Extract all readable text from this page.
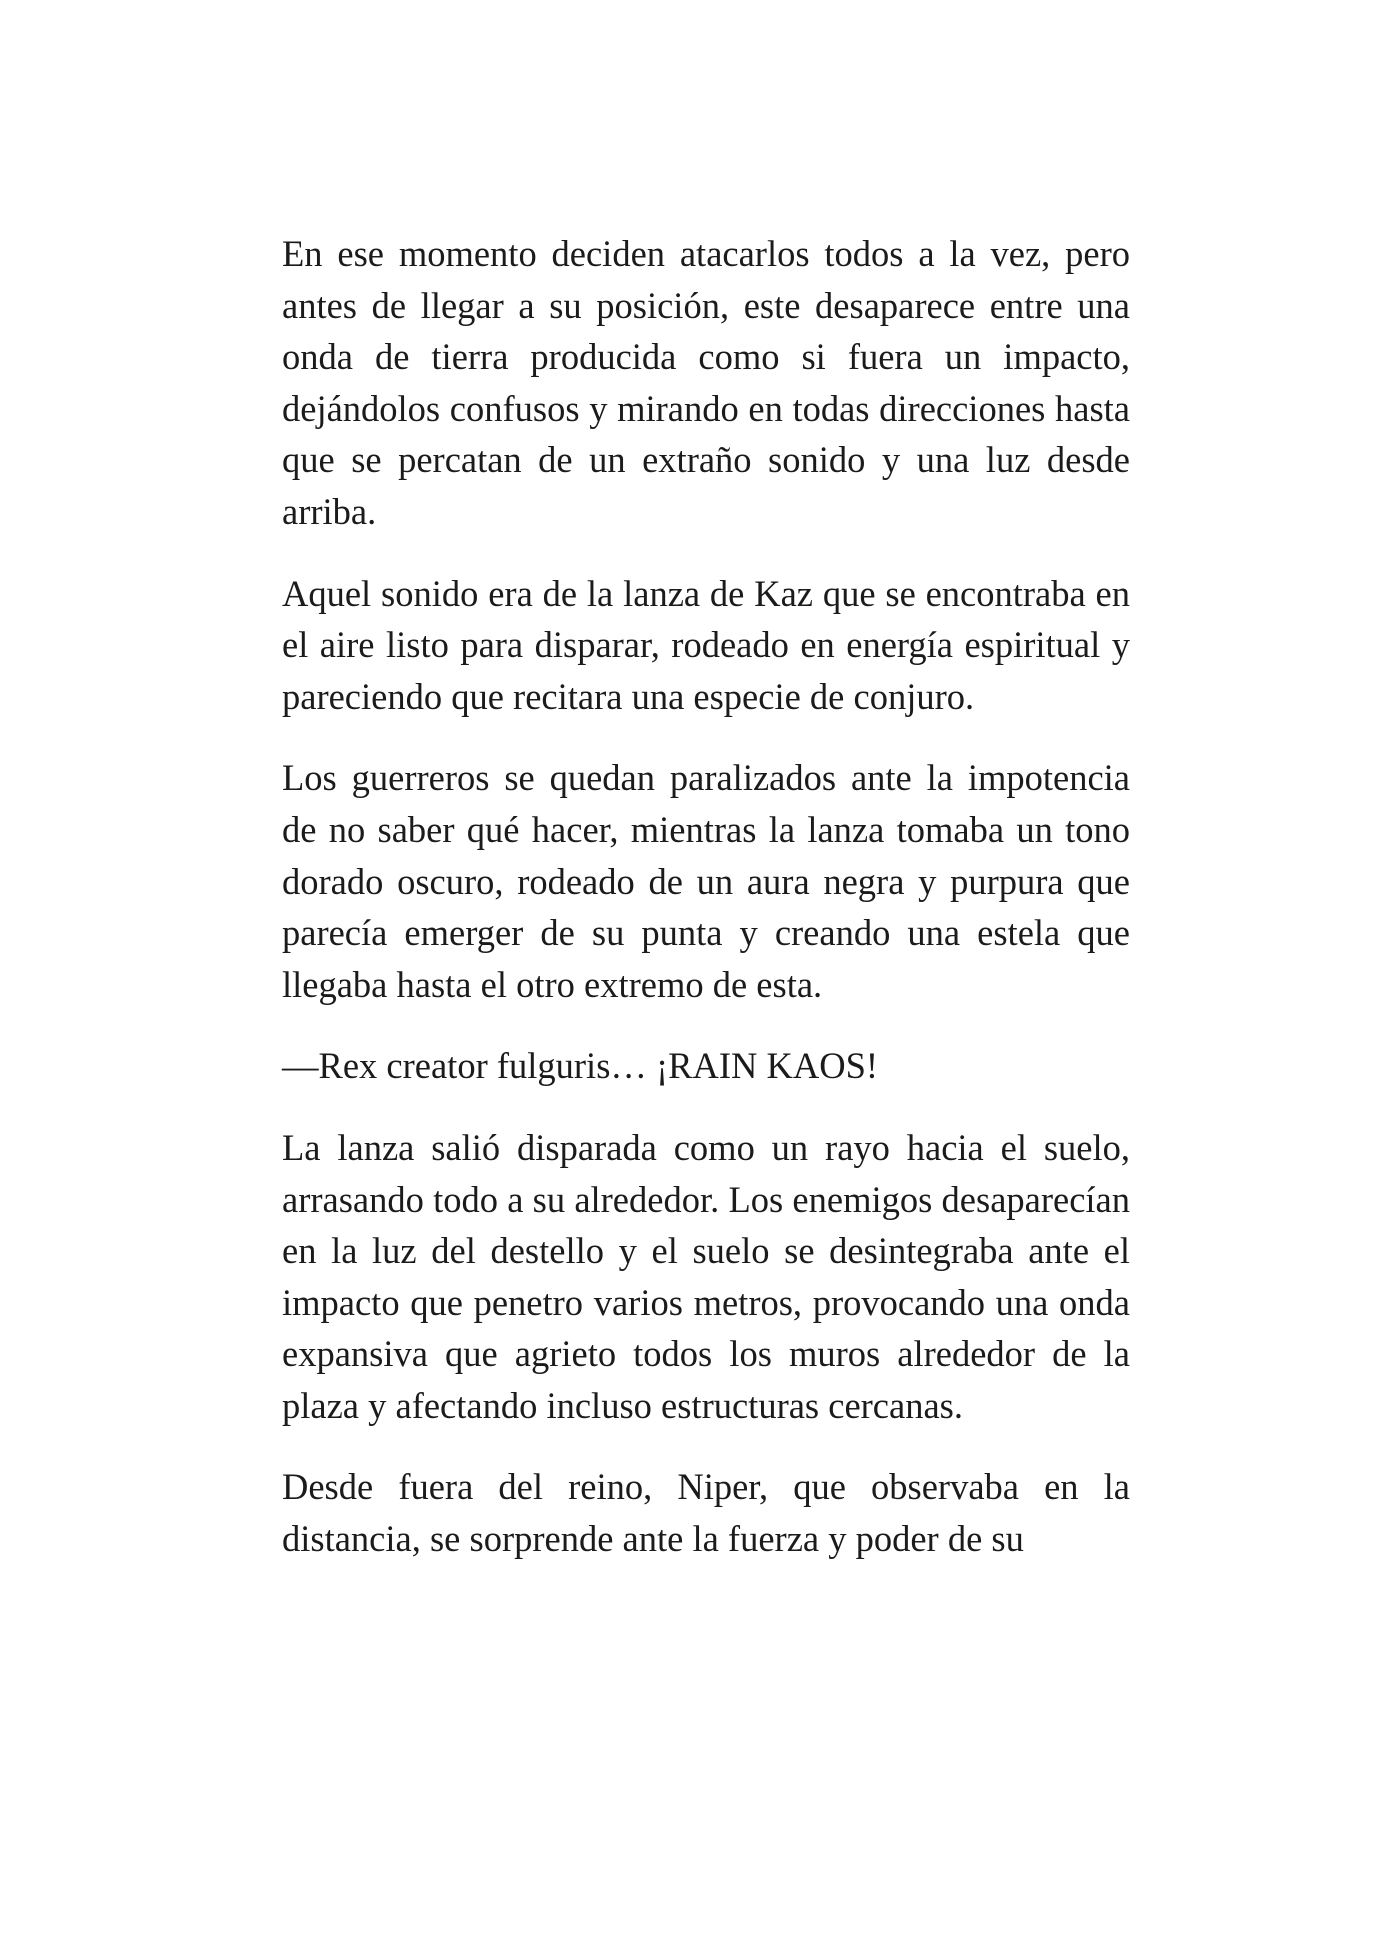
En ese momento deciden atacarlos todos a la vez, pero antes de llegar a su posición, este desaparece entre una onda de tierra producida como si fuera un impacto, dejándolos confusos y mirando en todas direcciones hasta que se percatan de un extraño sonido y una luz desde arriba.

Aquel sonido era de la lanza de Kaz que se encontraba en el aire listo para disparar, rodeado en energía espiritual y pareciendo que recitara una especie de conjuro.

Los guerreros se quedan paralizados ante la impotencia de no saber qué hacer, mientras la lanza tomaba un tono dorado oscuro, rodeado de un aura negra y purpura que parecía emerger de su punta y creando una estela que llegaba hasta el otro extremo de esta.

—Rex creator fulguris… ¡RAIN KAOS!

La lanza salió disparada como un rayo hacia el suelo, arrasando todo a su alrededor. Los enemigos desaparecían en la luz del destello y el suelo se desintegraba ante el impacto que penetro varios metros, provocando una onda expansiva que agrieto todos los muros alrededor de la plaza y afectando incluso estructuras cercanas.

Desde fuera del reino, Niper, que observaba en la distancia, se sorprende ante la fuerza y poder de su
